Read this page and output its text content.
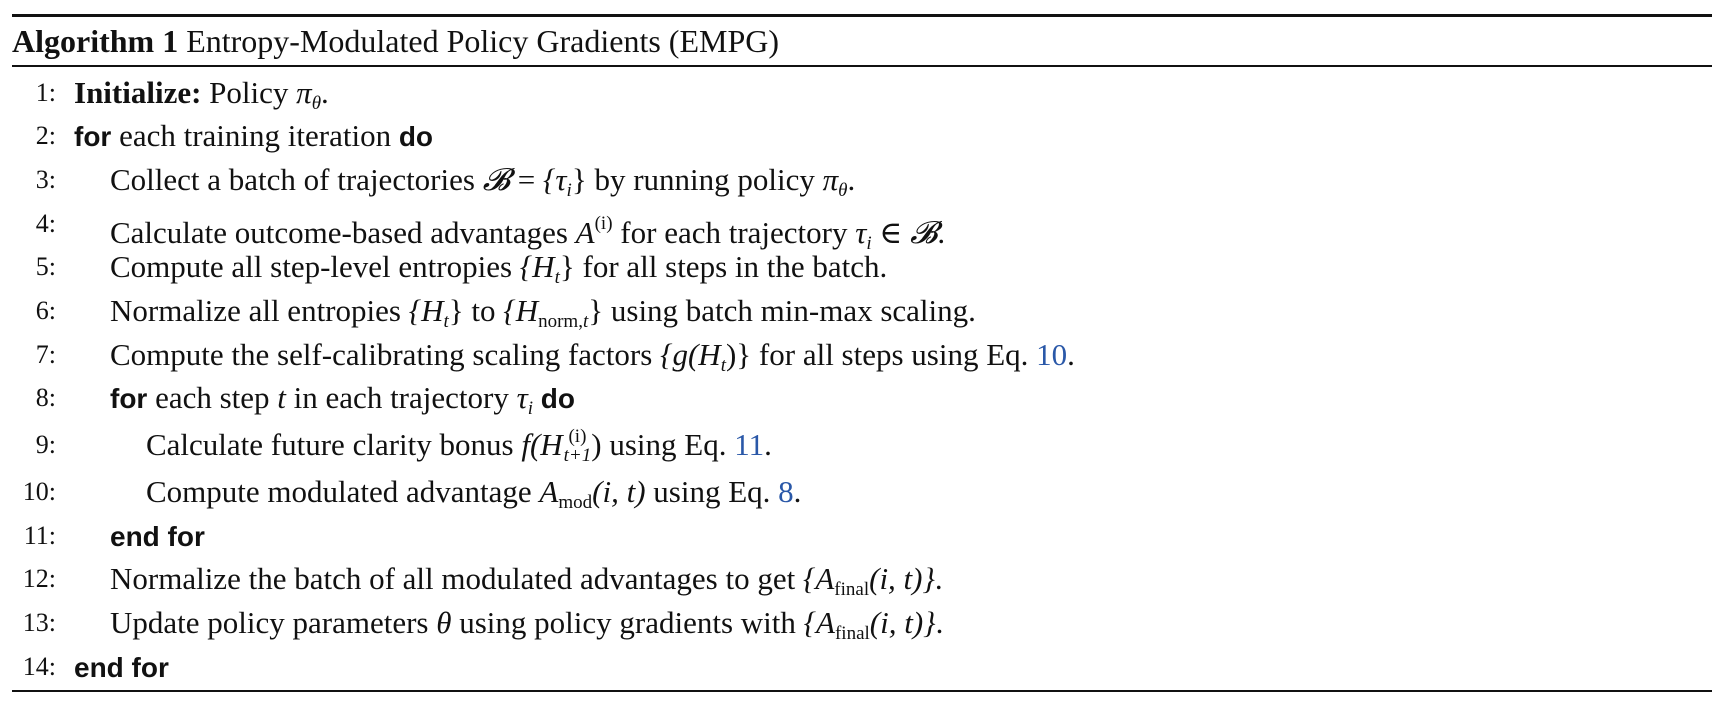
Algorithm 1 Entropy-Modulated Policy Gradients (EMPG)
1: Initialize: Policy $\pi_\theta$.
2: for each training iteration do
3: Collect a batch of trajectories 𝓑 = $\{\tau_i\}$ by running policy $\pi_\theta$.
4: Calculate outcome-based advantages $A^{(i)}$ for each trajectory $\tau_i$ ∈ 𝓑.
5: Compute all step-level entropies $\{H_t\}$ for all steps in the batch.
6: Normalize all entropies $\{H_t\}$ to $\{H_{norm,t}\}$ using batch min-max scaling.
7: Compute the self-calibrating scaling factors $\{g(H_t)\}$ for all steps using Eq. 10.
8: for each step t in each trajectory $\tau_i$ do
9:	Calculate future clarity bonus f(H (i)
t+1 ) using Eq. 11.
10:	Compute modulated advantage $A_{mod}(i$, t) using Eq. 8.
11: end for
12: Normalize the batch of all modulated advantages to get {$A_{final}(i$, t)}.
13: Update policy parameters θ using policy gradients with {$A_{final}(i$, t)}.
14: end for
